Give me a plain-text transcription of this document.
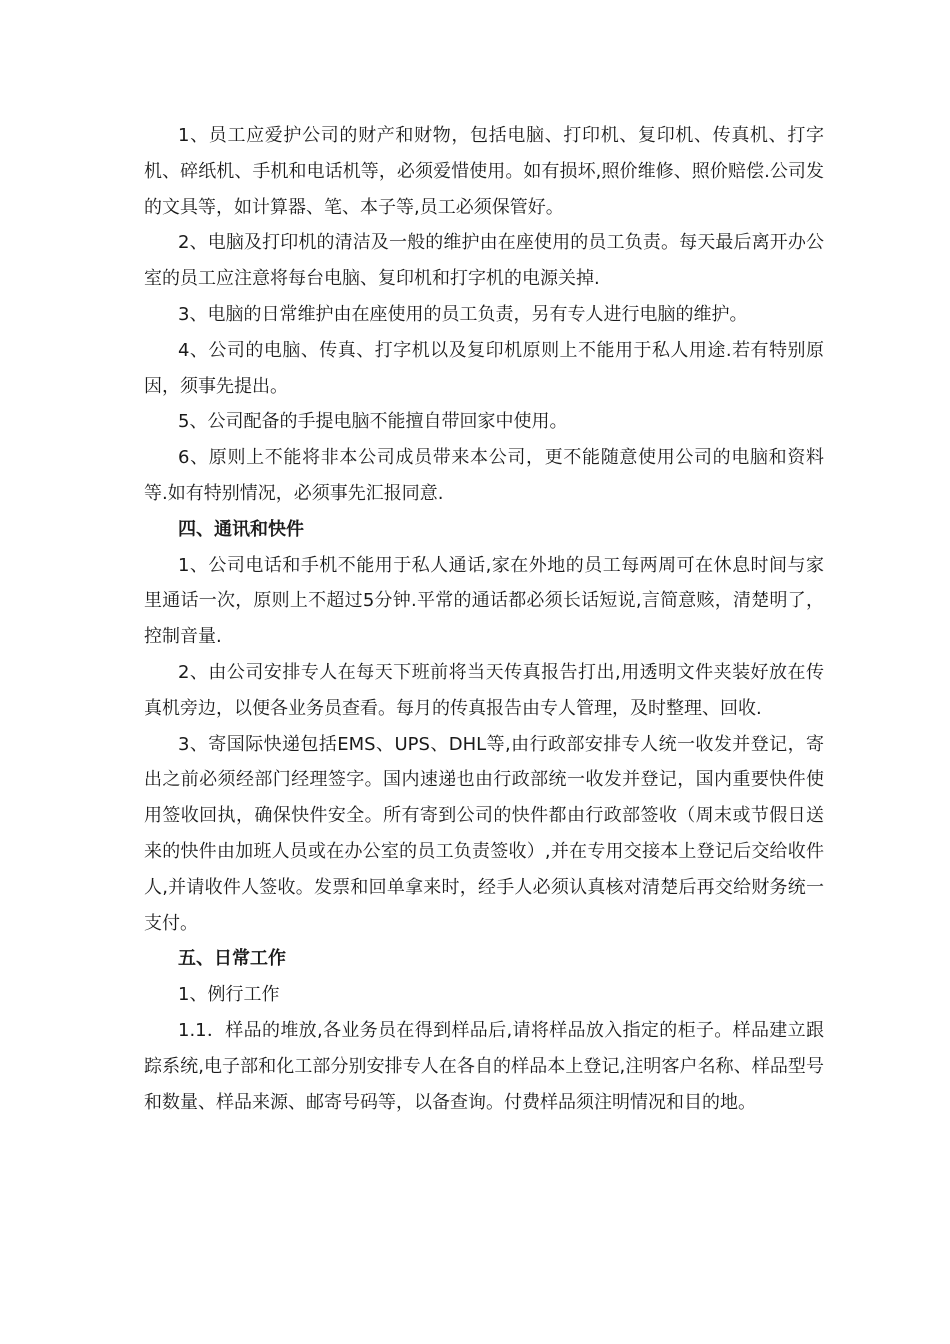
1、员工应爱护公司的财产和财物，包括电脑、打印机、复印机、传真机、打字机、碎纸机、手机和电话机等，必须爱惜使用。如有损坏,照价维修、照价赔偿.公司发的文具等，如计算器、笔、本子等,员工必须保管好。

2、电脑及打印机的清洁及一般的维护由在座使用的员工负责。每天最后离开办公室的员工应注意将每台电脑、复印机和打字机的电源关掉.

3、电脑的日常维护由在座使用的员工负责，另有专人进行电脑的维护。

4、公司的电脑、传真、打字机以及复印机原则上不能用于私人用途.若有特别原因，须事先提出。

5、公司配备的手提电脑不能擅自带回家中使用。

6、原则上不能将非本公司成员带来本公司，更不能随意使用公司的电脑和资料等.如有特别情况，必须事先汇报同意.

四、通讯和快件

1、公司电话和手机不能用于私人通话,家在外地的员工每两周可在休息时间与家里通话一次，原则上不超过5分钟.平常的通话都必须长话短说,言简意赅，清楚明了，控制音量.

2、由公司安排专人在每天下班前将当天传真报告打出,用透明文件夹装好放在传真机旁边，以便各业务员查看。每月的传真报告由专人管理，及时整理、回收.

3、寄国际快递包括EMS、UPS、DHL等,由行政部安排专人统一收发并登记，寄出之前必须经部门经理签字。国内速递也由行政部统一收发并登记，国内重要快件使用签收回执，确保快件安全。所有寄到公司的快件都由行政部签收（周末或节假日送来的快件由加班人员或在办公室的员工负责签收）,并在专用交接本上登记后交给收件人,并请收件人签收。发票和回单拿来时，经手人必须认真核对清楚后再交给财务统一支付。

五、日常工作

1、例行工作

1.1．样品的堆放,各业务员在得到样品后,请将样品放入指定的柜子。样品建立跟踪系统,电子部和化工部分别安排专人在各自的样品本上登记,注明客户名称、样品型号和数量、样品来源、邮寄号码等，以备查询。付费样品须注明情况和目的地。
